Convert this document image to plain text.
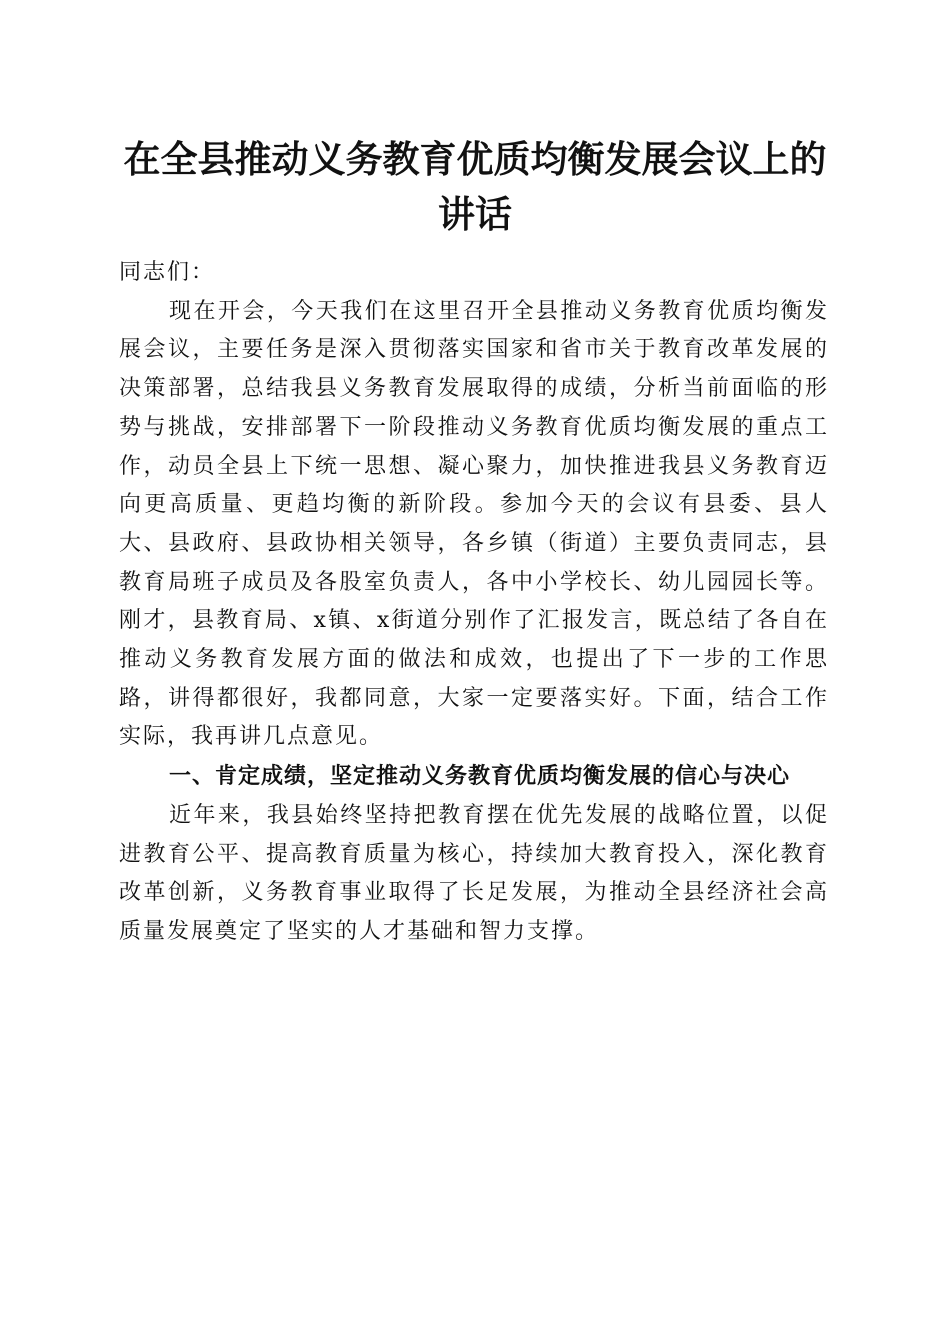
在全县推动义务教育优质均衡发展会议上的讲话

同志们：

现在开会，今天我们在这里召开全县推动义务教育优质均衡发展会议，主要任务是深入贯彻落实国家和省市关于教育改革发展的决策部署，总结我县义务教育发展取得的成绩，分析当前面临的形势与挑战，安排部署下一阶段推动义务教育优质均衡发展的重点工作，动员全县上下统一思想、凝心聚力，加快推进我县义务教育迈向更高质量、更趋均衡的新阶段。参加今天的会议有县委、县人大、县政府、县政协相关领导，各乡镇（街道）主要负责同志，县教育局班子成员及各股室负责人，各中小学校长、幼儿园园长等。刚才，县教育局、x镇、x街道分别作了汇报发言，既总结了各自在推动义务教育发展方面的做法和成效，也提出了下一步的工作思路，讲得都很好，我都同意，大家一定要落实好。下面，结合工作实际，我再讲几点意见。

一、肯定成绩，坚定推动义务教育优质均衡发展的信心与决心

近年来，我县始终坚持把教育摆在优先发展的战略位置，以促进教育公平、提高教育质量为核心，持续加大教育投入，深化教育改革创新，义务教育事业取得了长足发展，为推动全县经济社会高质量发展奠定了坚实的人才基础和智力支撑。
